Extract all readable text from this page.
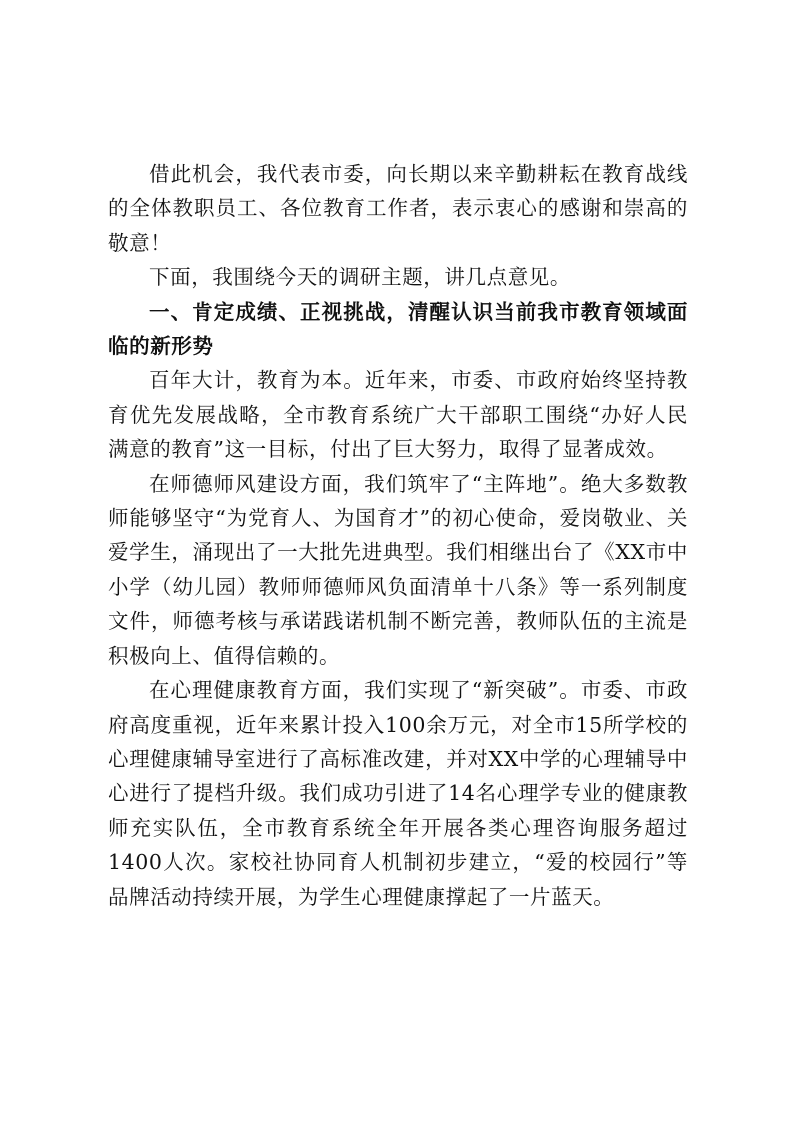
借此机会，我代表市委，向长期以来辛勤耕耘在教育战线的全体教职员工、各位教育工作者，表示衷心的感谢和崇高的敬意！

下面，我围绕今天的调研主题，讲几点意见。

一、肯定成绩、正视挑战，清醒认识当前我市教育领域面临的新形势

百年大计，教育为本。近年来，市委、市政府始终坚持教育优先发展战略，全市教育系统广大干部职工围绕“办好人民满意的教育”这一目标，付出了巨大努力，取得了显著成效。

在师德师风建设方面，我们筑牢了“主阵地”。绝大多数教师能够坚守“为党育人、为国育才”的初心使命，爱岗敬业、关爱学生，涌现出了一大批先进典型。我们相继出台了《XX市中小学（幼儿园）教师师德师风负面清单十八条》等一系列制度文件，师德考核与承诺践诺机制不断完善，教师队伍的主流是积极向上、值得信赖的。

在心理健康教育方面，我们实现了“新突破”。市委、市政府高度重视，近年来累计投入100余万元，对全市15所学校的心理健康辅导室进行了高标准改建，并对XX中学的心理辅导中心进行了提档升级。我们成功引进了14名心理学专业的健康教师充实队伍，全市教育系统全年开展各类心理咨询服务超过1400人次。家校社协同育人机制初步建立，“爱的校园行”等品牌活动持续开展，为学生心理健康撑起了一片蓝天。
